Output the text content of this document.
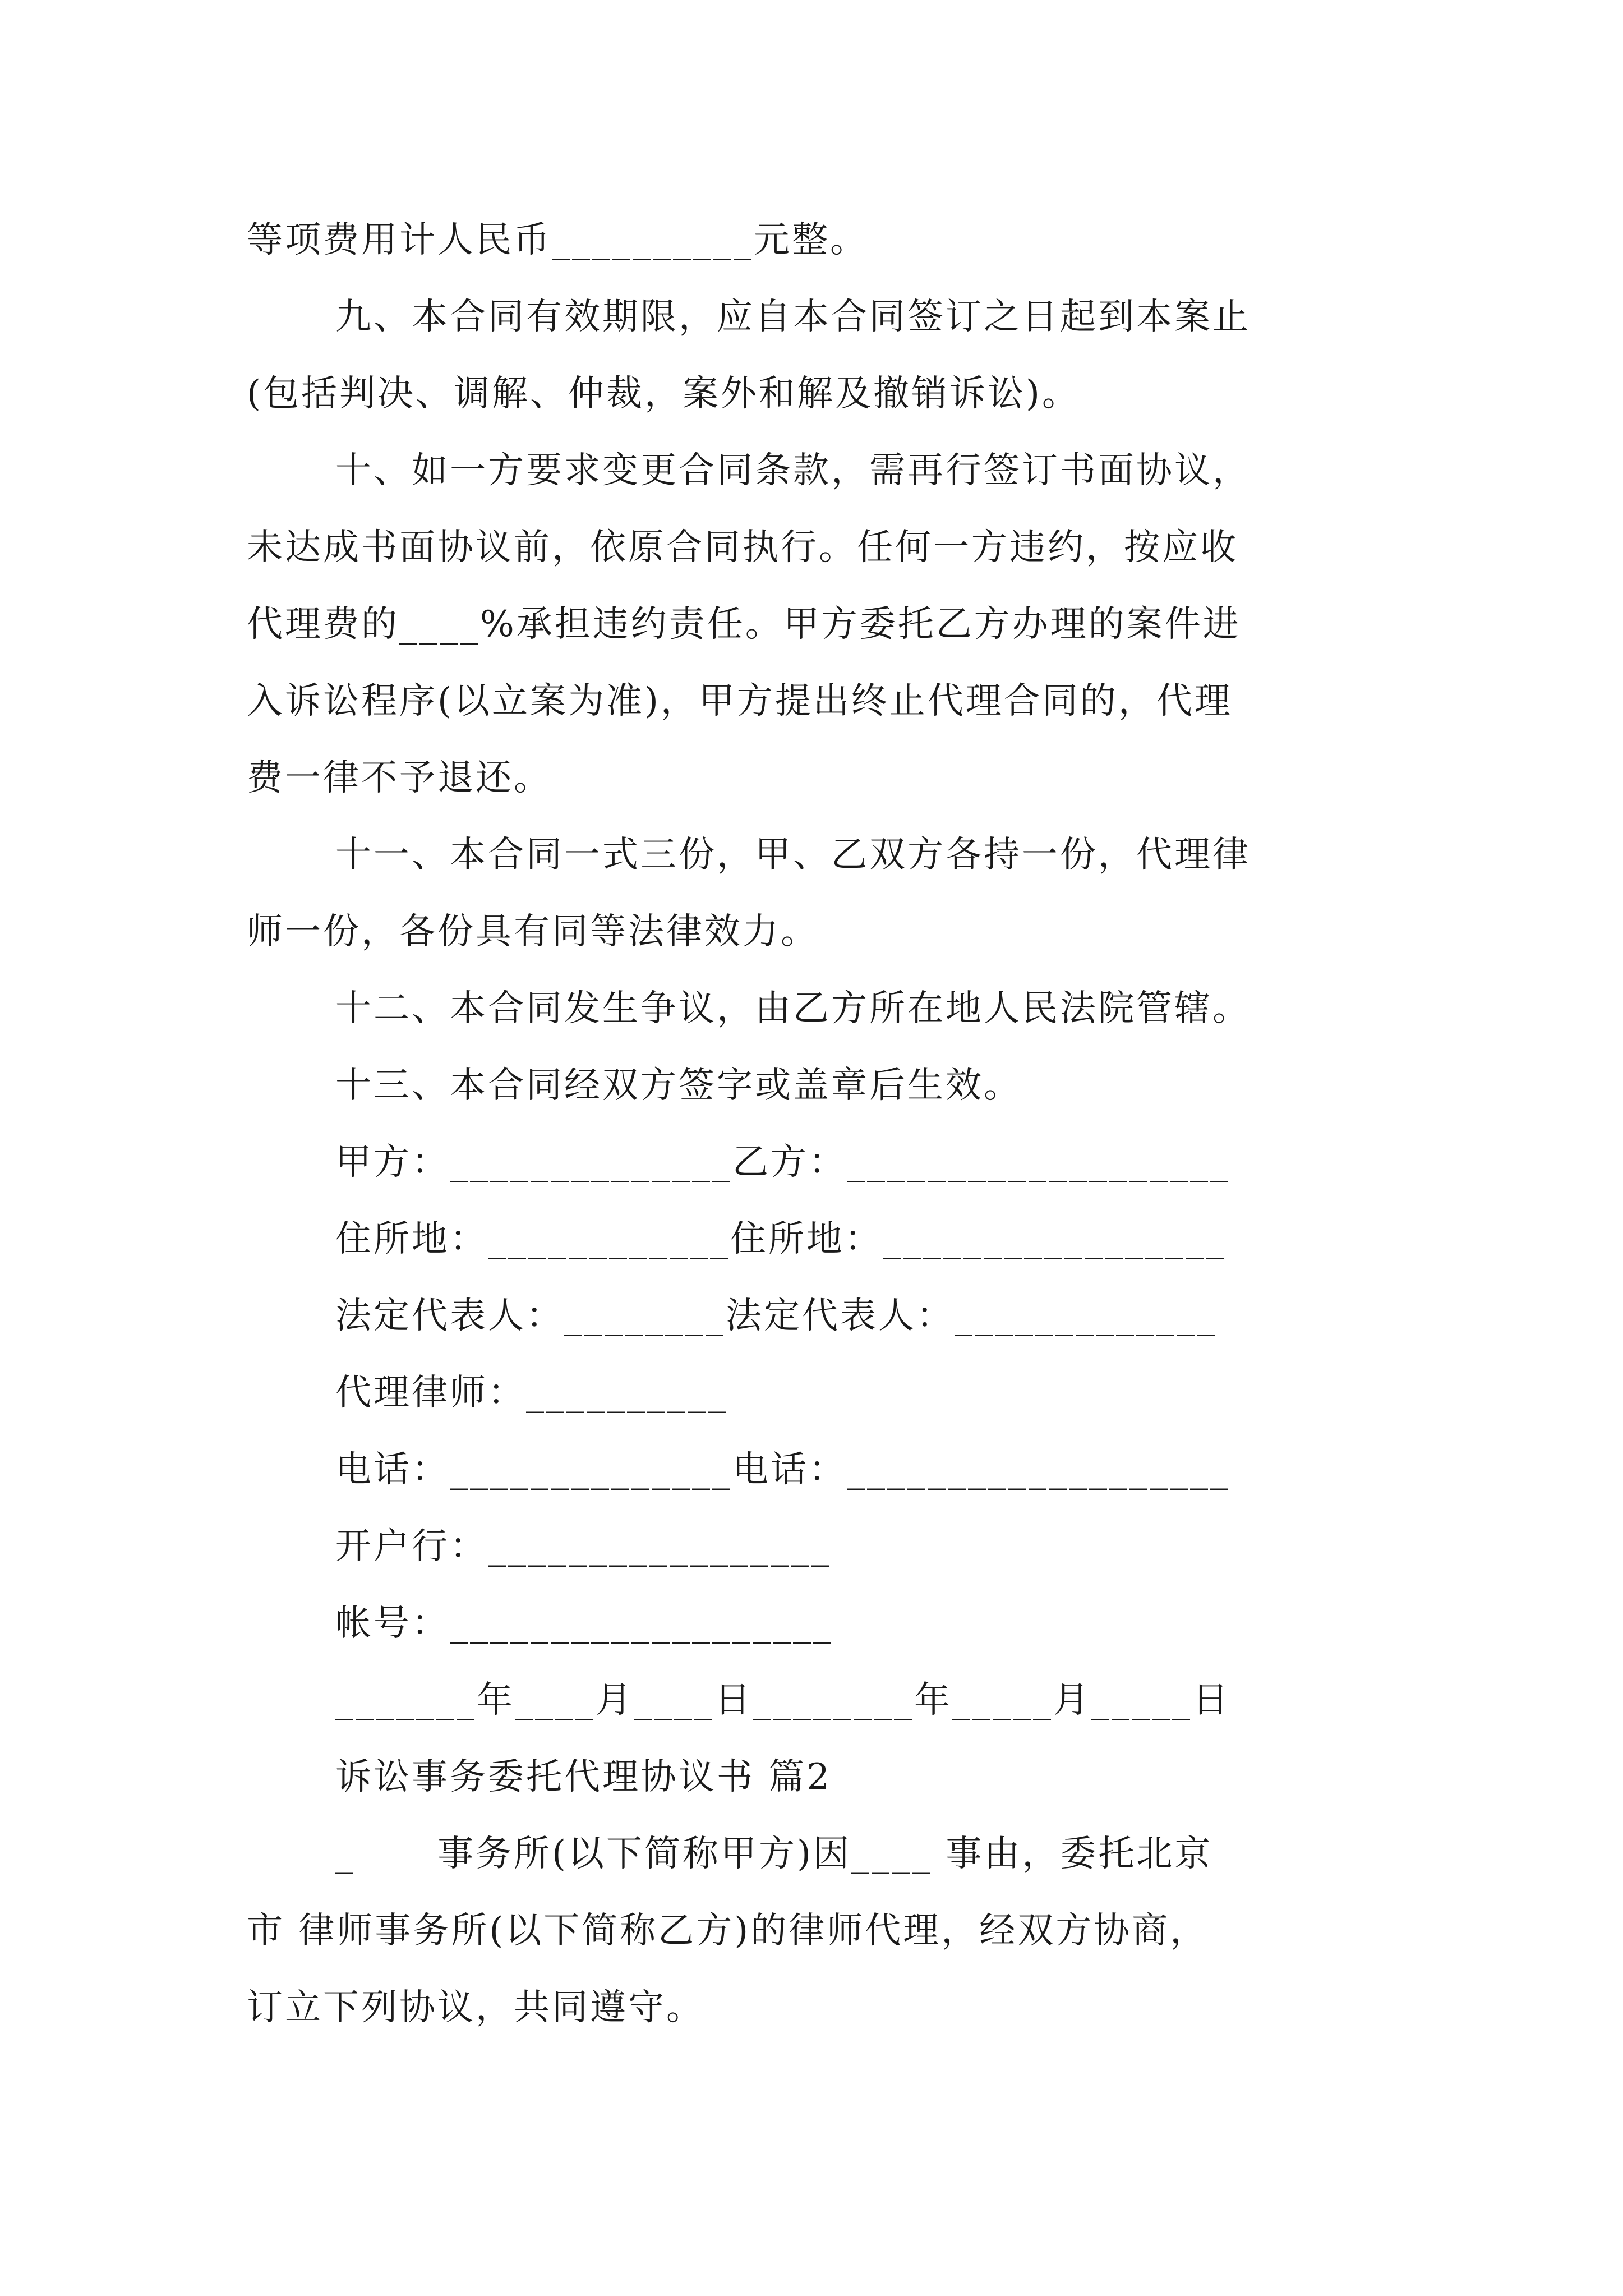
等项费用计人民币__________元整。
九、本合同有效期限，应自本合同签订之日起到本案止
(包括判决、调解、仲裁，案外和解及撤销诉讼)。
十、如一方要求变更合同条款，需再行签订书面协议，
未达成书面协议前，依原合同执行。任何一方违约，按应收
代理费的____%承担违约责任。甲方委托乙方办理的案件进
入诉讼程序(以立案为准)，甲方提出终止代理合同的，代理
费一律不予退还。
十一、本合同一式三份，甲、乙双方各持一份，代理律
师一份，各份具有同等法律效力。
十二、本合同发生争议，由乙方所在地人民法院管辖。
十三、本合同经双方签字或盖章后生效。
甲方：______________乙方：___________________
住所地：____________住所地：_________________
法定代表人：________法定代表人：_____________
代理律师：__________
电话：______________电话：___________________
开户行：_________________
帐号：___________________
_______年____月____日________年_____月_____日
诉讼事务委托代理协议书 篇2
_      事务所(以下简称甲方)因____ 事由，委托北京
市 律师事务所(以下简称乙方)的律师代理，经双方协商，
订立下列协议，共同遵守。
